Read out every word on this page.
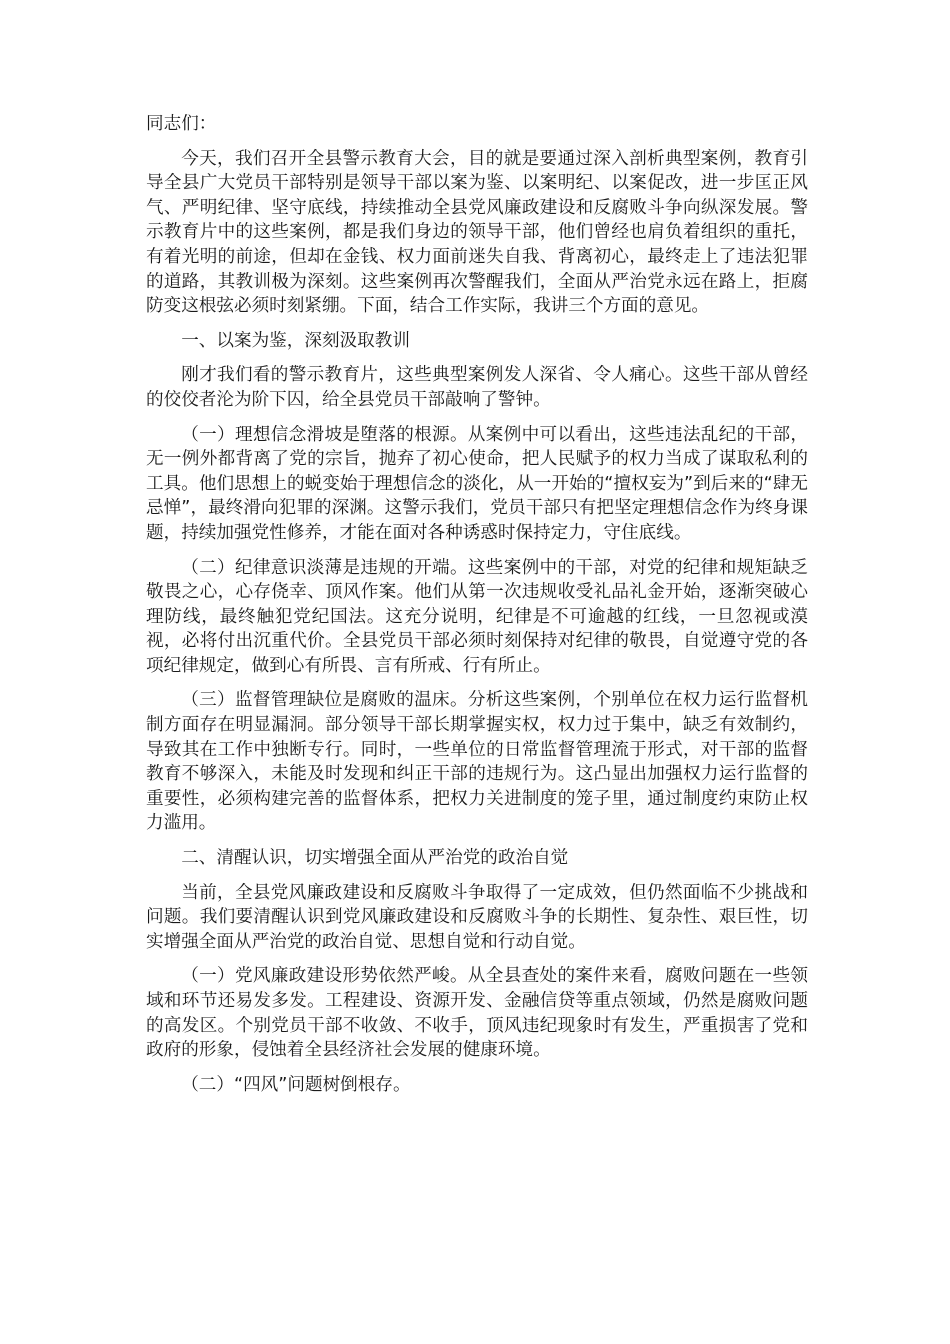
同志们：
今天，我们召开全县警示教育大会，目的就是要通过深入剖析典型案例，教育引导全县广大党员干部特别是领导干部以案为鉴、以案明纪、以案促改，进一步匡正风气、严明纪律、坚守底线，持续推动全县党风廉政建设和反腐败斗争向纵深发展。警示教育片中的这些案例，都是我们身边的领导干部，他们曾经也肩负着组织的重托，有着光明的前途，但却在金钱、权力面前迷失自我、背离初心，最终走上了违法犯罪的道路，其教训极为深刻。这些案例再次警醒我们，全面从严治党永远在路上，拒腐防变这根弦必须时刻紧绷。下面，结合工作实际，我讲三个方面的意见。
一、以案为鉴，深刻汲取教训
刚才我们看的警示教育片，这些典型案例发人深省、令人痛心。这些干部从曾经的佼佼者沦为阶下囚，给全县党员干部敲响了警钟。
（一）理想信念滑坡是堕落的根源。从案例中可以看出，这些违法乱纪的干部，无一例外都背离了党的宗旨，抛弃了初心使命，把人民赋予的权力当成了谋取私利的工具。他们思想上的蜕变始于理想信念的淡化，从一开始的“擅权妄为”到后来的“肆无忌惮”，最终滑向犯罪的深渊。这警示我们，党员干部只有把坚定理想信念作为终身课题，持续加强党性修养，才能在面对各种诱惑时保持定力，守住底线。
（二）纪律意识淡薄是违规的开端。这些案例中的干部，对党的纪律和规矩缺乏敬畏之心，心存侥幸、顶风作案。他们从第一次违规收受礼品礼金开始，逐渐突破心理防线，最终触犯党纪国法。这充分说明，纪律是不可逾越的红线，一旦忽视或漠视，必将付出沉重代价。全县党员干部必须时刻保持对纪律的敬畏，自觉遵守党的各项纪律规定，做到心有所畏、言有所戒、行有所止。
（三）监督管理缺位是腐败的温床。分析这些案例，个别单位在权力运行监督机制方面存在明显漏洞。部分领导干部长期掌握实权，权力过于集中，缺乏有效制约，导致其在工作中独断专行。同时，一些单位的日常监督管理流于形式，对干部的监督教育不够深入，未能及时发现和纠正干部的违规行为。这凸显出加强权力运行监督的重要性，必须构建完善的监督体系，把权力关进制度的笼子里，通过制度约束防止权力滥用。
二、清醒认识，切实增强全面从严治党的政治自觉
当前，全县党风廉政建设和反腐败斗争取得了一定成效，但仍然面临不少挑战和问题。我们要清醒认识到党风廉政建设和反腐败斗争的长期性、复杂性、艰巨性，切实增强全面从严治党的政治自觉、思想自觉和行动自觉。
（一）党风廉政建设形势依然严峻。从全县查处的案件来看，腐败问题在一些领域和环节还易发多发。工程建设、资源开发、金融信贷等重点领域，仍然是腐败问题的高发区。个别党员干部不收敛、不收手，顶风违纪现象时有发生，严重损害了党和政府的形象，侵蚀着全县经济社会发展的健康环境。
（二）“四风”问题树倒根存。
